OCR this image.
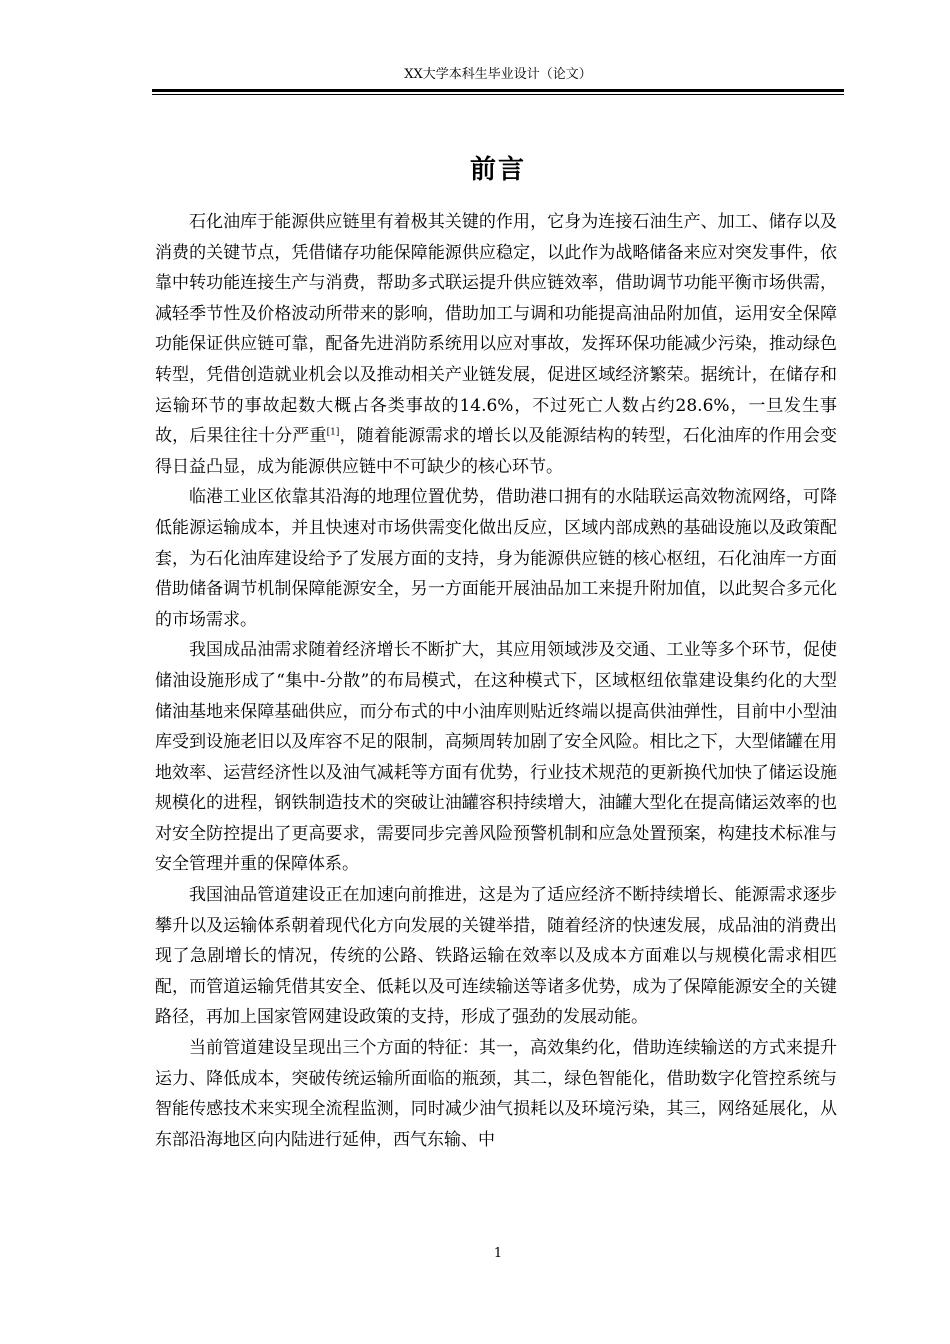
XX大学本科生毕业设计（论文）
前言

石化油库于能源供应链里有着极其关键的作用，它身为连接石油生产、加工、储存以及消费的关键节点，凭借储存功能保障能源供应稳定，以此作为战略储备来应对突发事件，依靠中转功能连接生产与消费，帮助多式联运提升供应链效率，借助调节功能平衡市场供需，减轻季节性及价格波动所带来的影响，借助加工与调和功能提高油品附加值，运用安全保障功能保证供应链可靠，配备先进消防系统用以应对事故，发挥环保功能减少污染，推动绿色转型，凭借创造就业机会以及推动相关产业链发展，促进区域经济繁荣。据统计，在储存和运输环节的事故起数大概占各类事故的14.6%，不过死亡人数占约28.6%，一旦发生事故，后果往往十分严重[1]，随着能源需求的增长以及能源结构的转型，石化油库的作用会变得日益凸显，成为能源供应链中不可缺少的核心环节。

临港工业区依靠其沿海的地理位置优势，借助港口拥有的水陆联运高效物流网络，可降低能源运输成本，并且快速对市场供需变化做出反应，区域内部成熟的基础设施以及政策配套，为石化油库建设给予了发展方面的支持，身为能源供应链的核心枢纽，石化油库一方面借助储备调节机制保障能源安全，另一方面能开展油品加工来提升附加值，以此契合多元化的市场需求。

我国成品油需求随着经济增长不断扩大，其应用领域涉及交通、工业等多个环节，促使储油设施形成了“集中-分散”的布局模式，在这种模式下，区域枢纽依靠建设集约化的大型储油基地来保障基础供应，而分布式的中小油库则贴近终端以提高供油弹性，目前中小型油库受到设施老旧以及库容不足的限制，高频周转加剧了安全风险。相比之下，大型储罐在用地效率、运营经济性以及油气减耗等方面有优势，行业技术规范的更新换代加快了储运设施规模化的进程，钢铁制造技术的突破让油罐容积持续增大，油罐大型化在提高储运效率的也对安全防控提出了更高要求，需要同步完善风险预警机制和应急处置预案，构建技术标准与安全管理并重的保障体系。

我国油品管道建设正在加速向前推进，这是为了适应经济不断持续增长、能源需求逐步攀升以及运输体系朝着现代化方向发展的关键举措，随着经济的快速发展，成品油的消费出现了急剧增长的情况，传统的公路、铁路运输在效率以及成本方面难以与规模化需求相匹配，而管道运输凭借其安全、低耗以及可连续输送等诸多优势，成为了保障能源安全的关键路径，再加上国家管网建设政策的支持，形成了强劲的发展动能。

当前管道建设呈现出三个方面的特征：其一，高效集约化，借助连续输送的方式来提升运力、降低成本，突破传统运输所面临的瓶颈，其二，绿色智能化，借助数字化管控系统与智能传感技术来实现全流程监测，同时减少油气损耗以及环境污染，其三，网络延展化，从东部沿海地区向内陆进行延伸，西气东输、中

1
